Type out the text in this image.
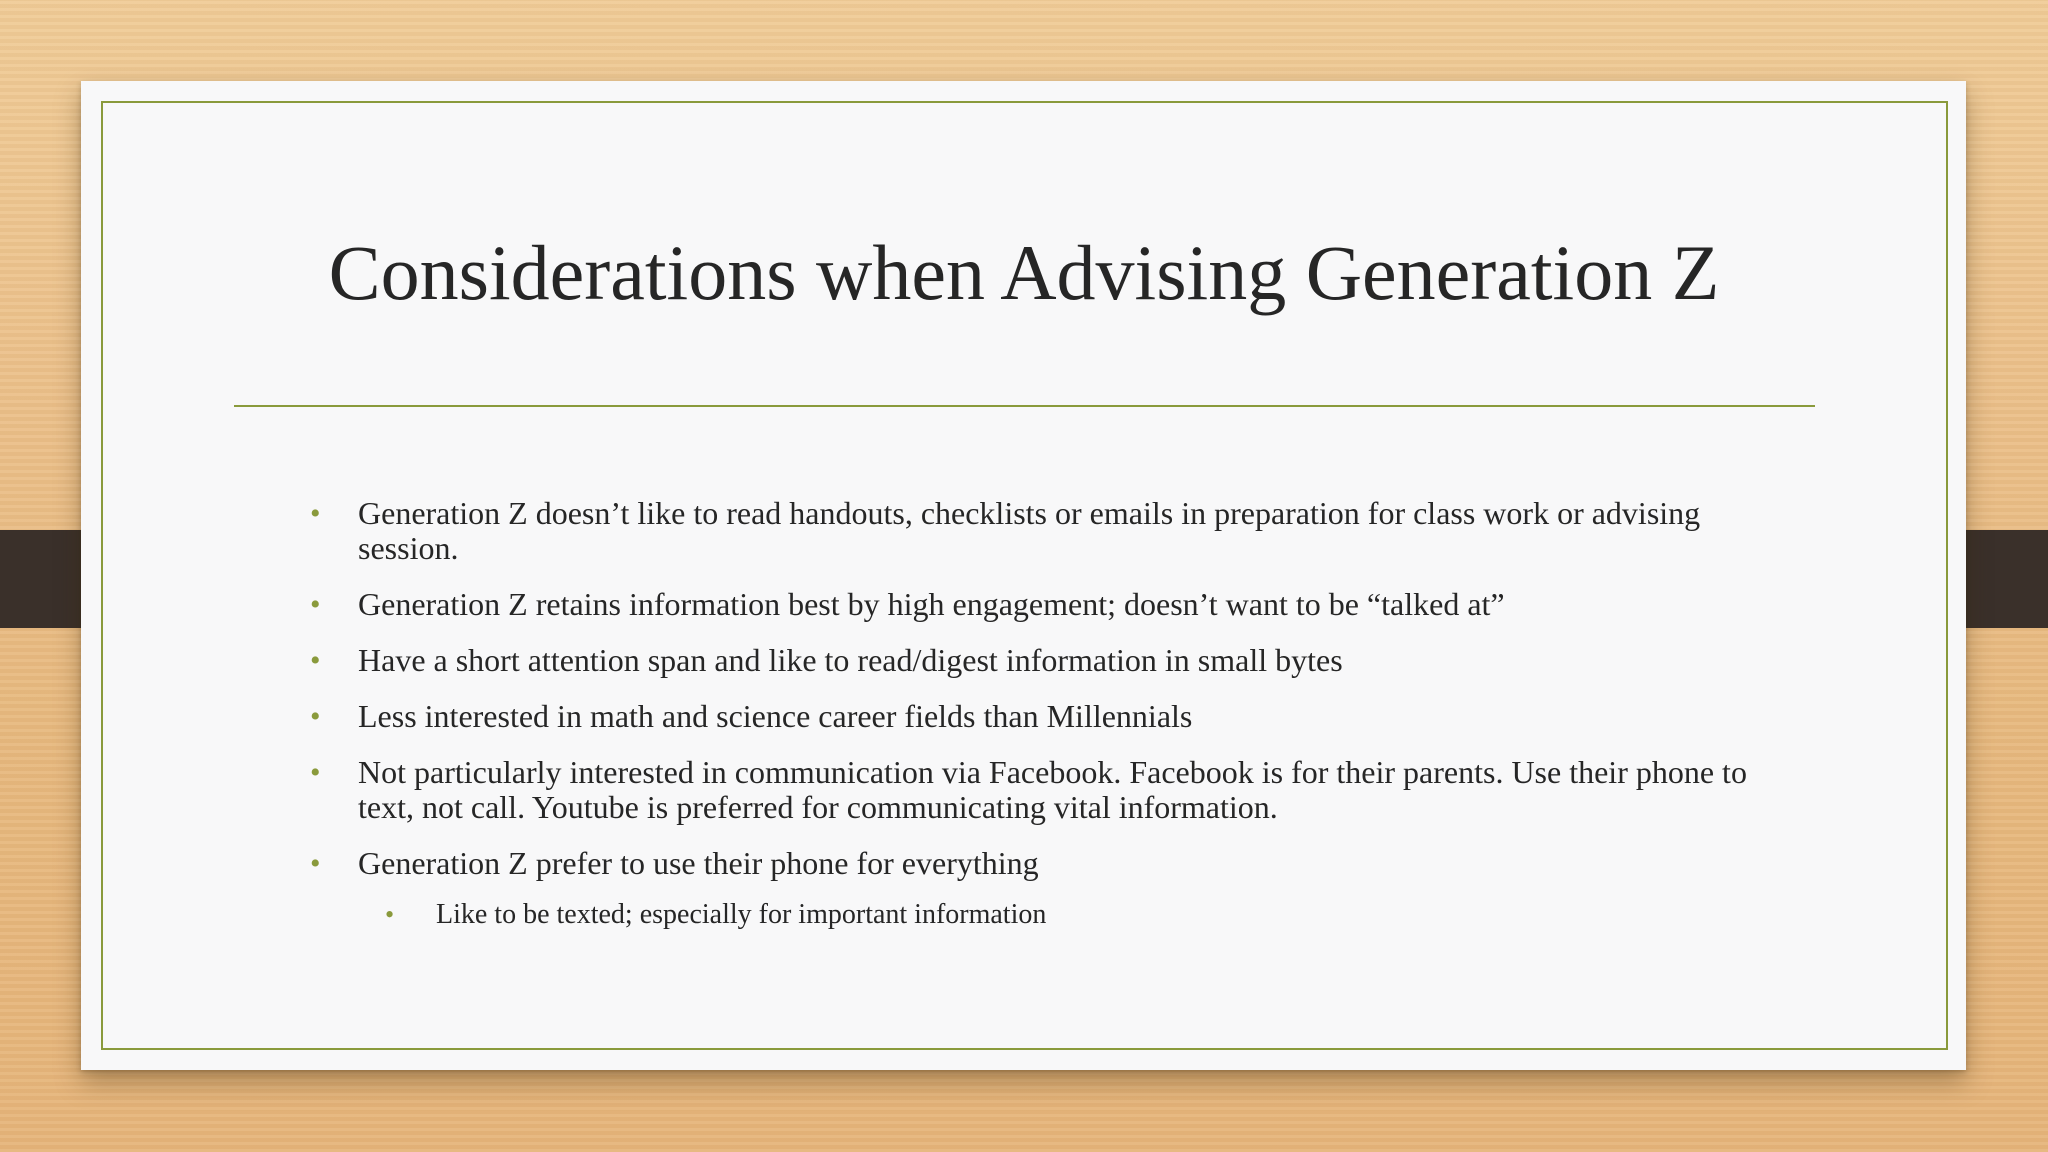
Considerations when Advising Generation Z
• Generation Z doesn’t like to read handouts, checklists or emails in preparation for class work or advising session.
• Generation Z retains information best by high engagement; doesn’t want to be “talked at”
• Have a short attention span and like to read/digest information in small bytes
• Less interested in math and science career fields than Millennials
• Not particularly interested in communication via Facebook. Facebook is for their parents. Use their phone to text, not call. Youtube is preferred for communicating vital information.
• Generation Z prefer to use their phone for everything
• Like to be texted; especially for important information
